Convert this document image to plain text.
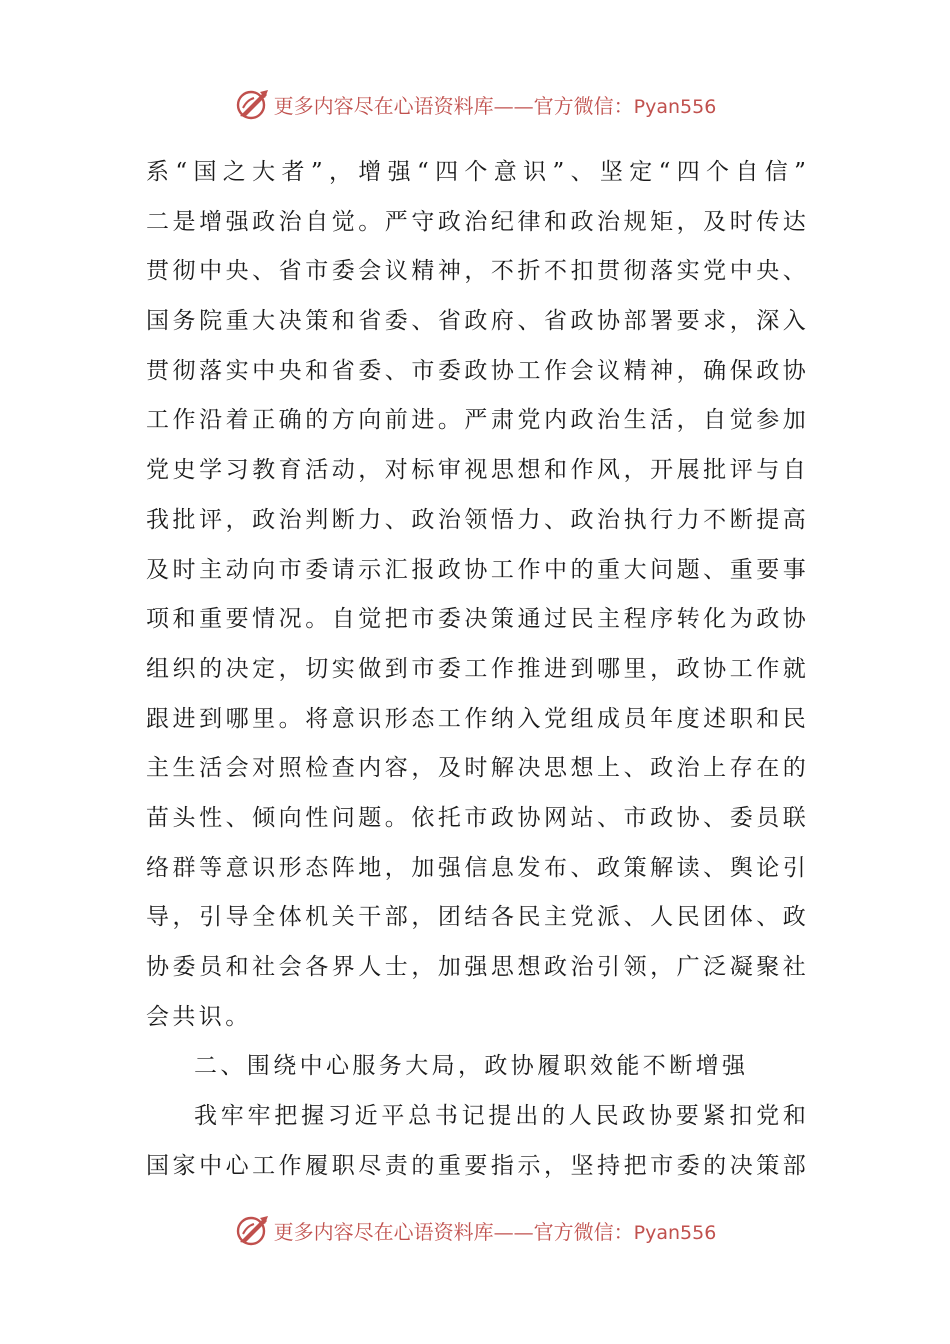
更多内容尽在心语资料库—— 官方微信：Pyan556
系 “ 国 之 大 者 ” ， 增 强 “ 四 个 意 识 ” 、 坚 定 “ 四 个 自 信 ”
二 是 增 强 政 治 自 觉 。 严 守 政 治 纪 律 和 政 治 规 矩 ， 及 时 传 达
贯 彻 中 央 、 省 市 委 会 议 精 神 ， 不 折 不 扣 贯 彻 落 实 党 中 央 、
国 务 院 重 大 决 策 和 省 委 、 省 政 府 、 省 政 协 部 署 要 求 ， 深 入
贯 彻 落 实 中 央 和 省 委 、 市 委 政 协 工 作 会 议 精 神 ， 确 保 政 协
工 作 沿 着 正 确 的 方 向 前 进 。 严 肃 党 内 政 治 生 活 ， 自 觉 参 加
党 史 学 习 教 育 活 动 ， 对 标 审 视 思 想 和 作 风 ， 开 展 批 评 与 自
我 批 评 ， 政 治 判 断 力 、 政 治 领 悟 力 、 政 治 执 行 力 不 断 提 高
及 时 主 动 向 市 委 请 示 汇 报 政 协 工 作 中 的 重 大 问 题 、 重 要 事
项 和 重 要 情 况 。 自 觉 把 市 委 决 策 通 过 民 主 程 序 转 化 为 政 协
组 织 的 决 定 ， 切 实 做 到 市 委 工 作 推 进 到 哪 里 ， 政 协 工 作 就
跟 进 到 哪 里 。 将 意 识 形 态 工 作 纳 入 党 组 成 员 年 度 述 职 和 民
主 生 活 会 对 照 检 查 内 容 ， 及 时 解 决 思 想 上 、 政 治 上 存 在 的
苗 头 性 、 倾 向 性 问 题 。 依 托 市 政 协 网 站 、 市 政 协 、 委 员 联
络 群 等 意 识 形 态 阵 地 ， 加 强 信 息 发 布 、 政 策 解 读 、 舆 论 引
导 ， 引 导 全 体 机 关 干 部 ， 团 结 各 民 主 党 派 、 人 民 团 体 、 政
协 委 员 和 社 会 各 界 人 士 ， 加 强 思 想 政 治 引 领 ， 广 泛 凝 聚 社
会共识。
二、围绕中心服务大局，政协履职效能不断增强
我 牢 牢 把 握 习 近 平 总 书 记 提 出 的 人 民 政 协 要 紧 扣 党 和
国 家 中 心 工 作 履 职 尽 责 的 重 要 指 示 ， 坚 持 把 市 委 的 决 策 部
更多内容尽在心语资料库—— 官方微信：Pyan556
